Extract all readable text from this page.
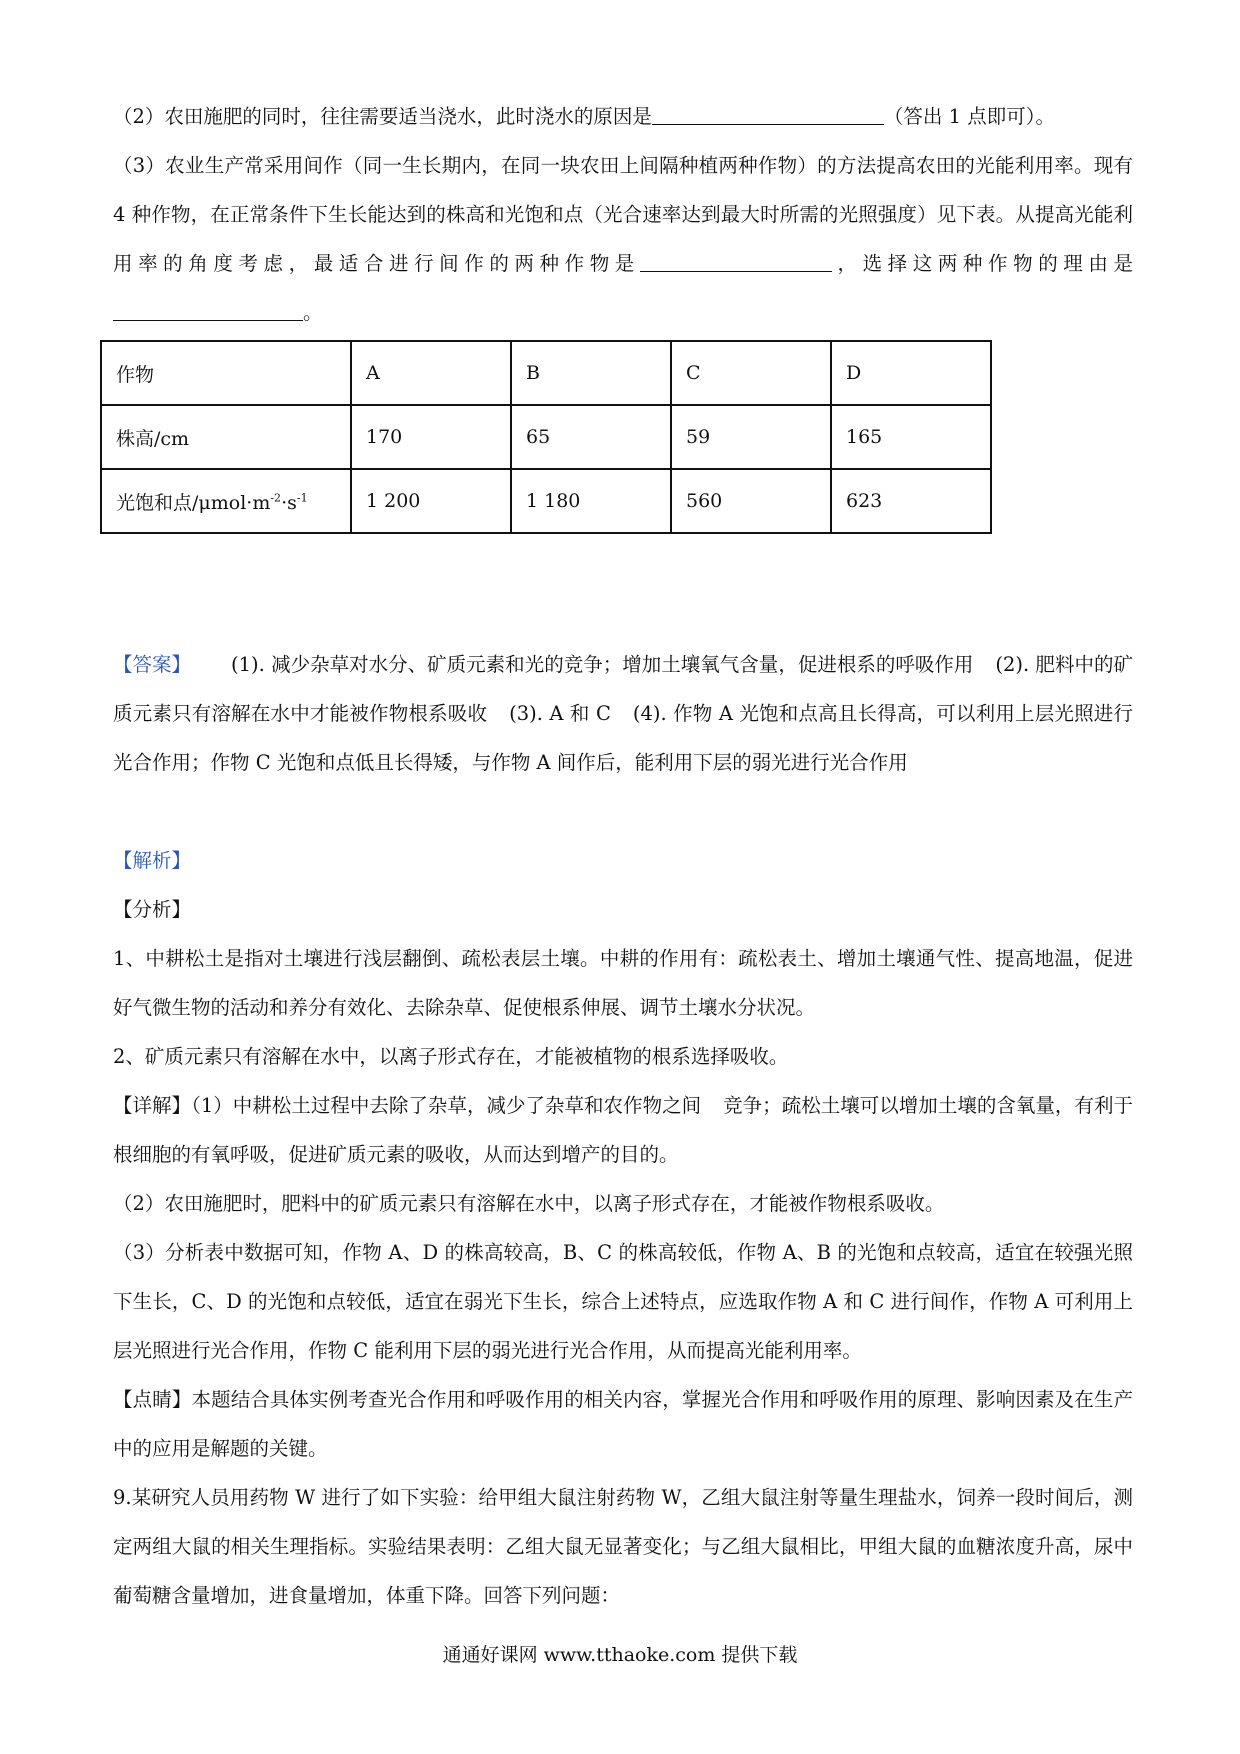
（2）农田施肥的同时，往往需要适当浇水，此时浇水的原因是	（答出 1 点即可）。
（3）农业生产常采用间作（同一生长期内，在同一块农田上间隔种植两种作物）的方法提高农田的光能利用率。现有 4 种作物，在正常条件下生长能达到的株高和光饱和点（光合速率达到最大时所需的光照强度）见下表。从提高光能利用率的角度考虑，最适合进行间作的两种作物是	，选择这两种作物的理由是。
作物	A	B	C	D
株高/cm	170	65	59	165
光饱和点$/\mu mol\cdot m^{-2}\cdot s^{-1}$	1 200	1 180	560	623
【答案】 (1). 减少杂草对水分、矿质元素和光的竞争；增加土壤氧气含量，促进根系的呼吸作用 (2). 肥料中的矿质元素只有溶解在水中才能被作物根系吸收 (3). A 和 C (4). 作物 A 光饱和点高且长得高，可以利用上层光照进行光合作用；作物 C 光饱和点低且长得矮，与作物 A 间作后，能利用下层的弱光进行光合作用
【解析】
【分析】
1、中耕松土是指对土壤进行浅层翻倒、疏松表层土壤。中耕的作用有：疏松表土、增加土壤通气性、提高地温，促进好气微生物的活动和养分有效化、去除杂草、促使根系伸展、调节土壤水分状况。
2、矿质元素只有溶解在水中，以离子形式存在，才能被植物的根系选择吸收。
【详解】（1）中耕松土过程中去除了杂草，减少了杂草和农作物之间 竞争；疏松土壤可以增加土壤的含氧量，有利于根细胞的有氧呼吸，促进矿质元素的吸收，从而达到增产的目的。
（2）农田施肥时，肥料中的矿质元素只有溶解在水中，以离子形式存在，才能被作物根系吸收。
（3）分析表中数据可知，作物 A、D 的株高较高，B、C 的株高较低，作物 A、B 的光饱和点较高，适宜在较强光照下生长，C、D 的光饱和点较低，适宜在弱光下生长，综合上述特点，应选取作物 A 和 C 进行间作，作物 A 可利用上层光照进行光合作用，作物 C 能利用下层的弱光进行光合作用，从而提高光能利用率。
【点睛】本题结合具体实例考查光合作用和呼吸作用的相关内容，掌握光合作用和呼吸作用的原理、影响因素及在生产中的应用是解题的关键。
9.某研究人员用药物 W 进行了如下实验：给甲组大鼠注射药物 W，乙组大鼠注射等量生理盐水，饲养一段时间后，测定两组大鼠的相关生理指标。实验结果表明：乙组大鼠无显著变化；与乙组大鼠相比，甲组大鼠的血糖浓度升高，尿中葡萄糖含量增加，进食量增加，体重下降。回答下列问题：
通通好课网 www.tthaoke.com 提供下载
